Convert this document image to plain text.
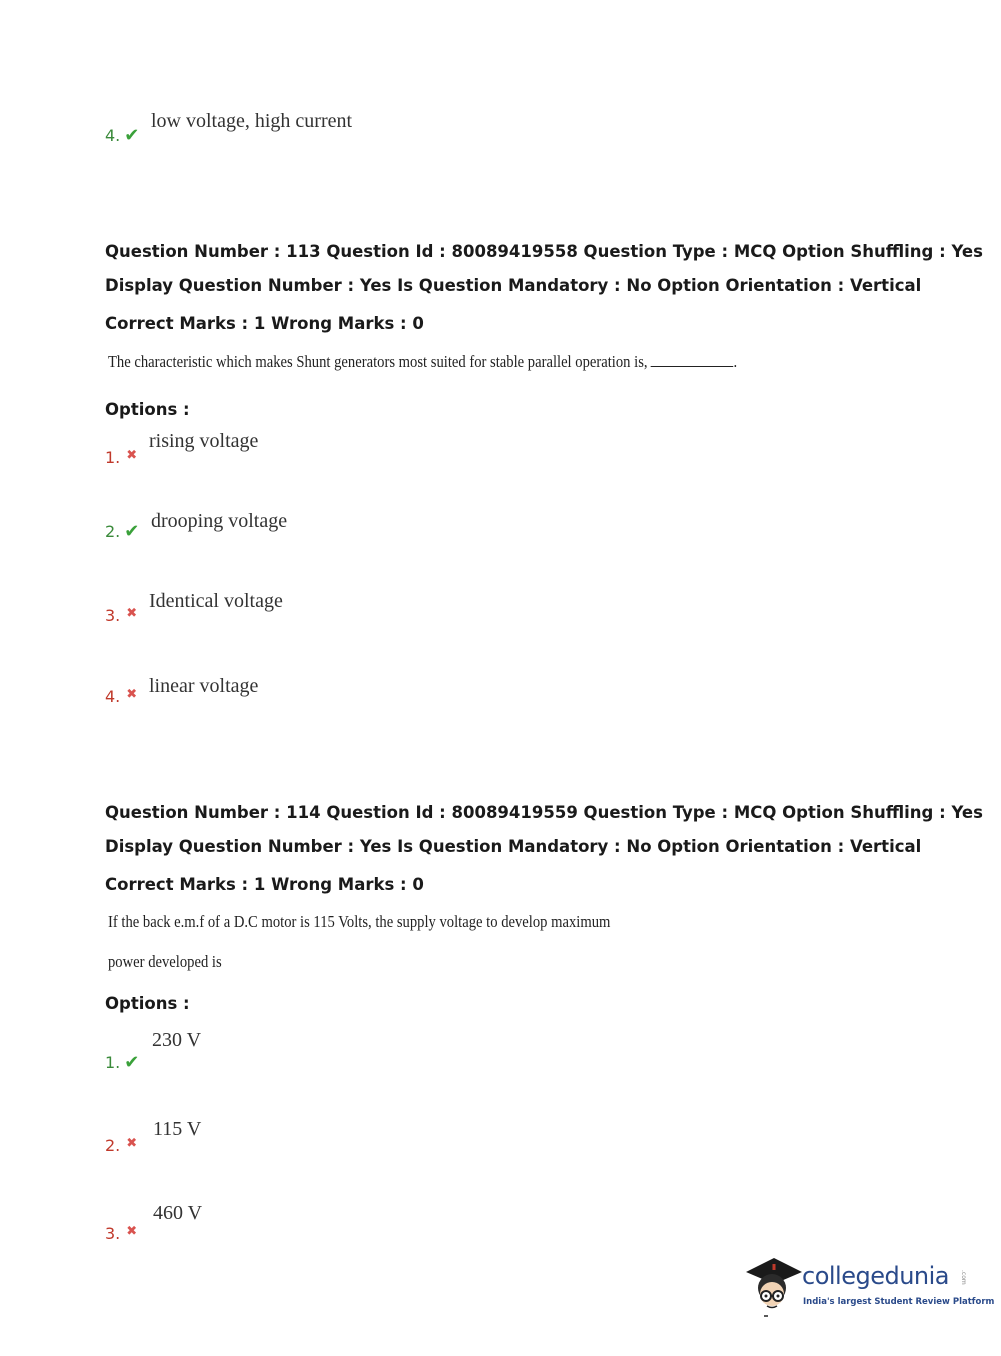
4. ✔
low voltage, high current
Question Number : 113 Question Id : 80089419558 Question Type : MCQ Option Shuffling : Yes
Display Question Number : Yes Is Question Mandatory : No Option Orientation : Vertical
Correct Marks : 1 Wrong Marks : 0
The characteristic which makes Shunt generators most suited for stable parallel operation is,	.
Options :
1. ✖
rising voltage
2. ✔ drooping voltage
3. ✖
Identical voltage
4. ✖ linear voltage
Question Number : 114 Question Id : 80089419559 Question Type : MCQ Option Shuffling : Yes
Display Question Number : Yes Is Question Mandatory : No Option Orientation : Vertical
Correct Marks : 1 Wrong Marks : 0
If the back e.m.f of a D.C motor is 115 Volts, the supply voltage to develop maximum
power developed is
Options :
1. ✔
230 V
2. ✖
115 V
3. ✖
460 V
collegedunia .com
India's largest Student Review Platform
